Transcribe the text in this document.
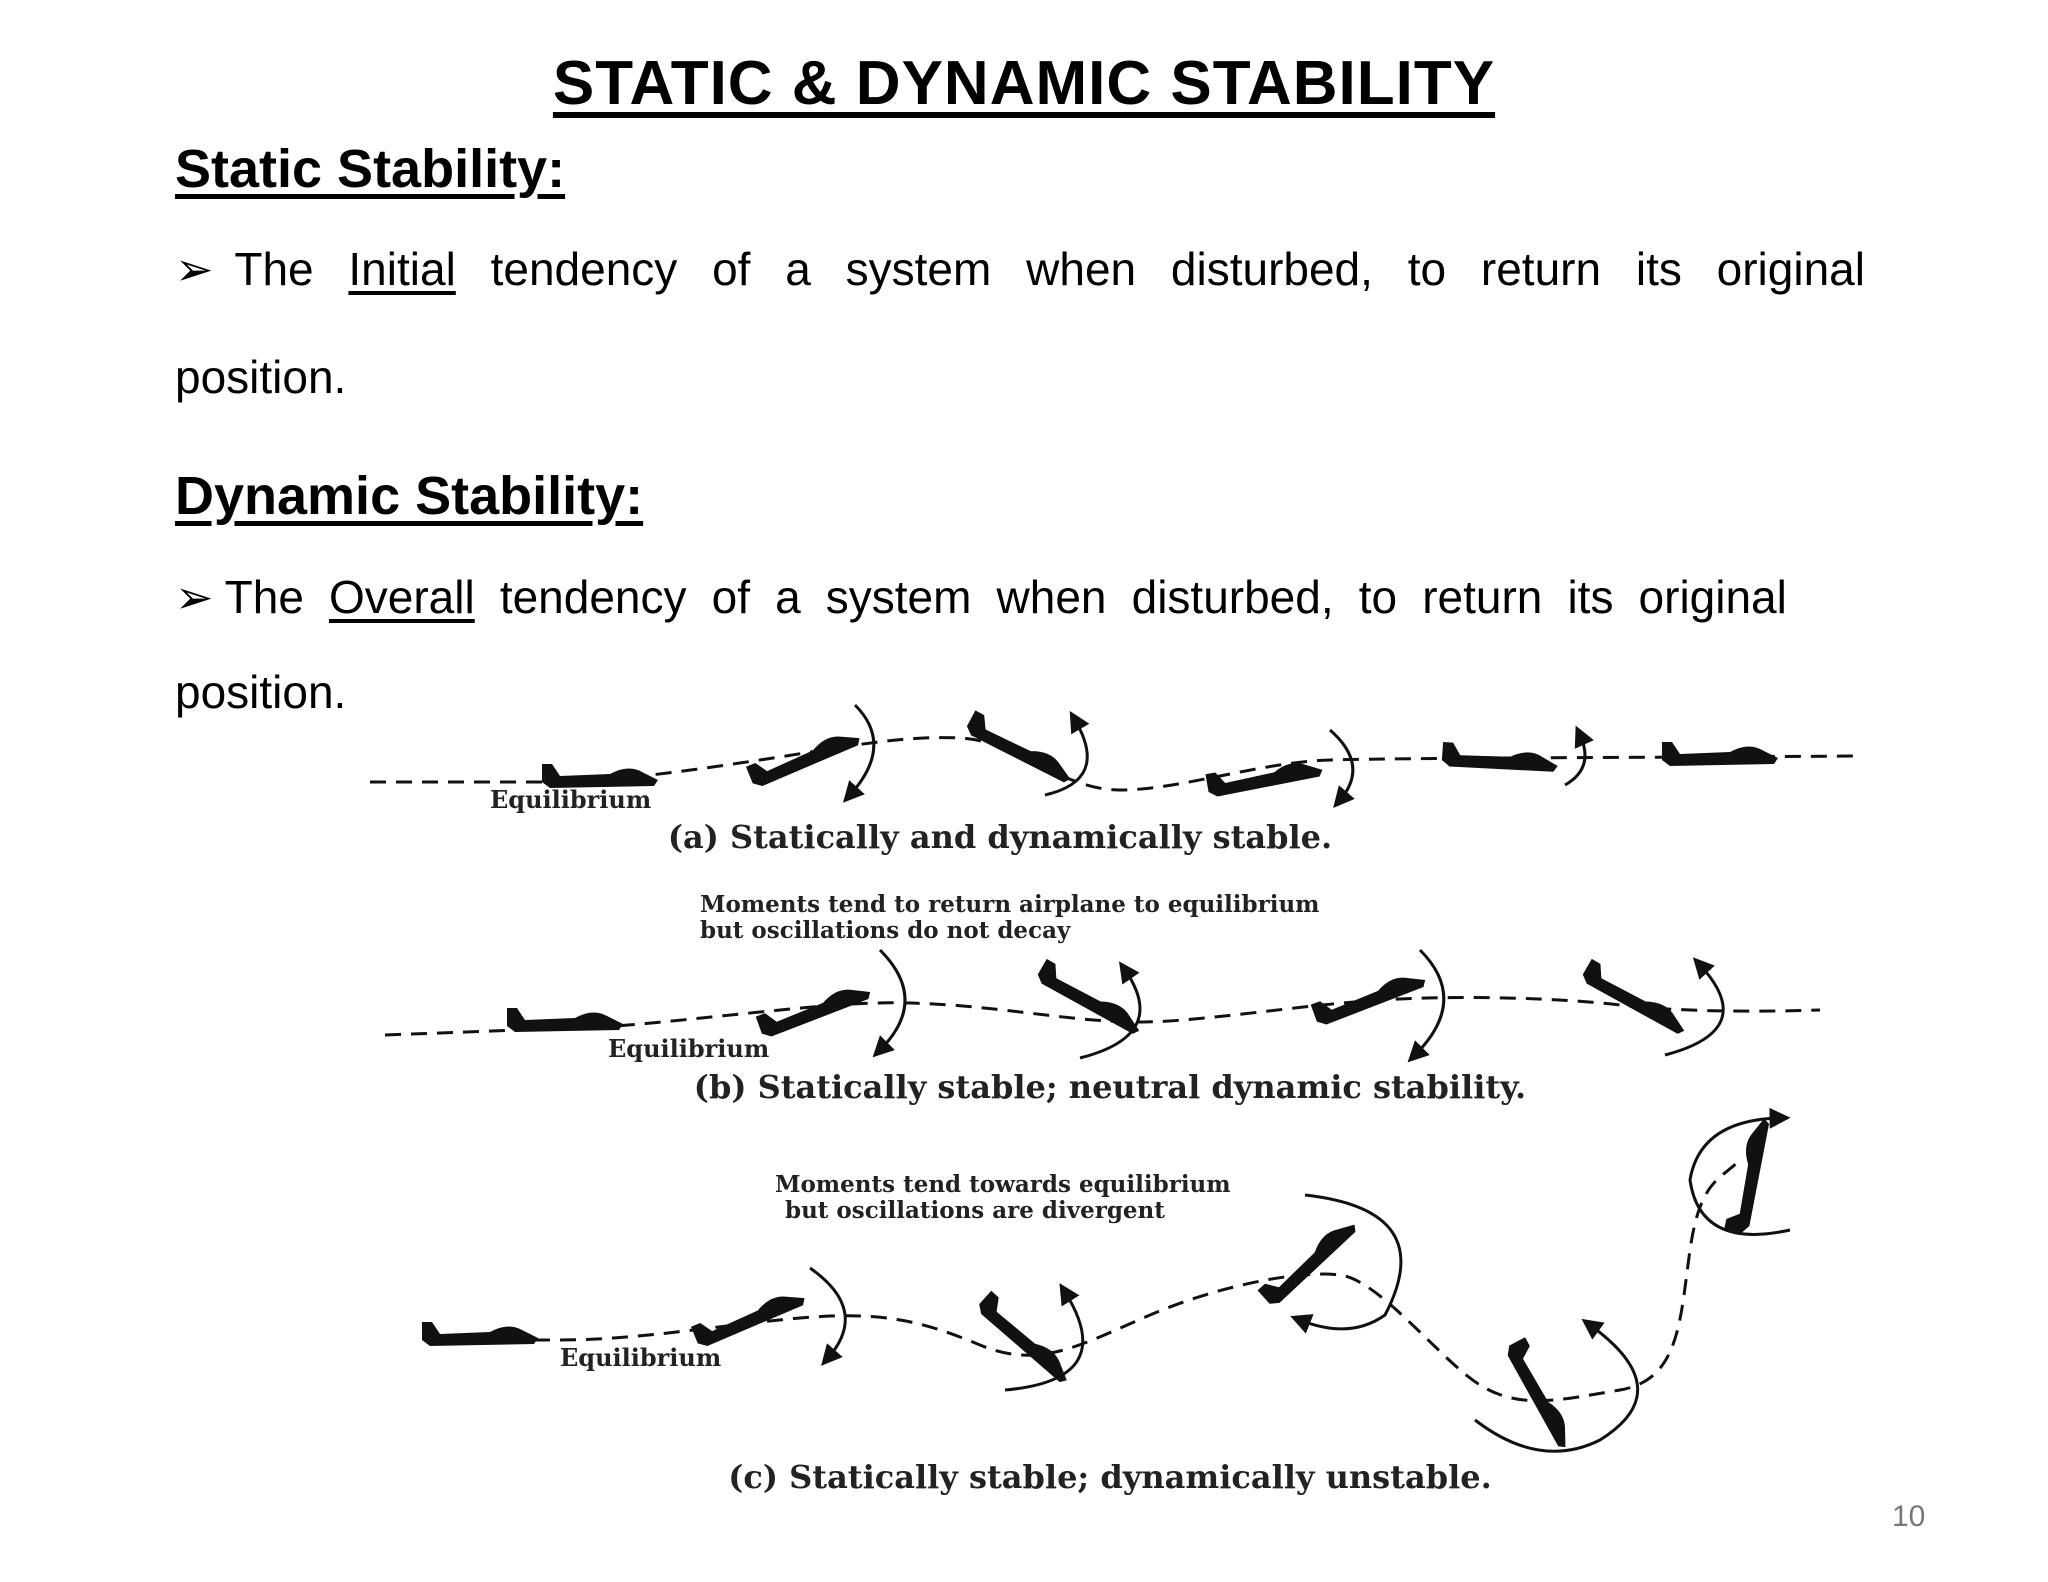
STATIC & DYNAMIC STABILITY
Static Stability:

➢ The Initial tendency of a system when disturbed, to return its original

position.

Dynamic Stability:

➢ The Overall tendency of a system when disturbed, to return its original

position.

Equilibrium
(a) Statically and dynamically stable.
Moments tend to return airplane to equilibrium
but oscillations do not decay
Equilibrium
(b) Statically stable; neutral dynamic stability.
Moments tend towards equilibrium
but oscillations are divergent
Equilibrium
(c) Statically stable; dynamically unstable.
10
